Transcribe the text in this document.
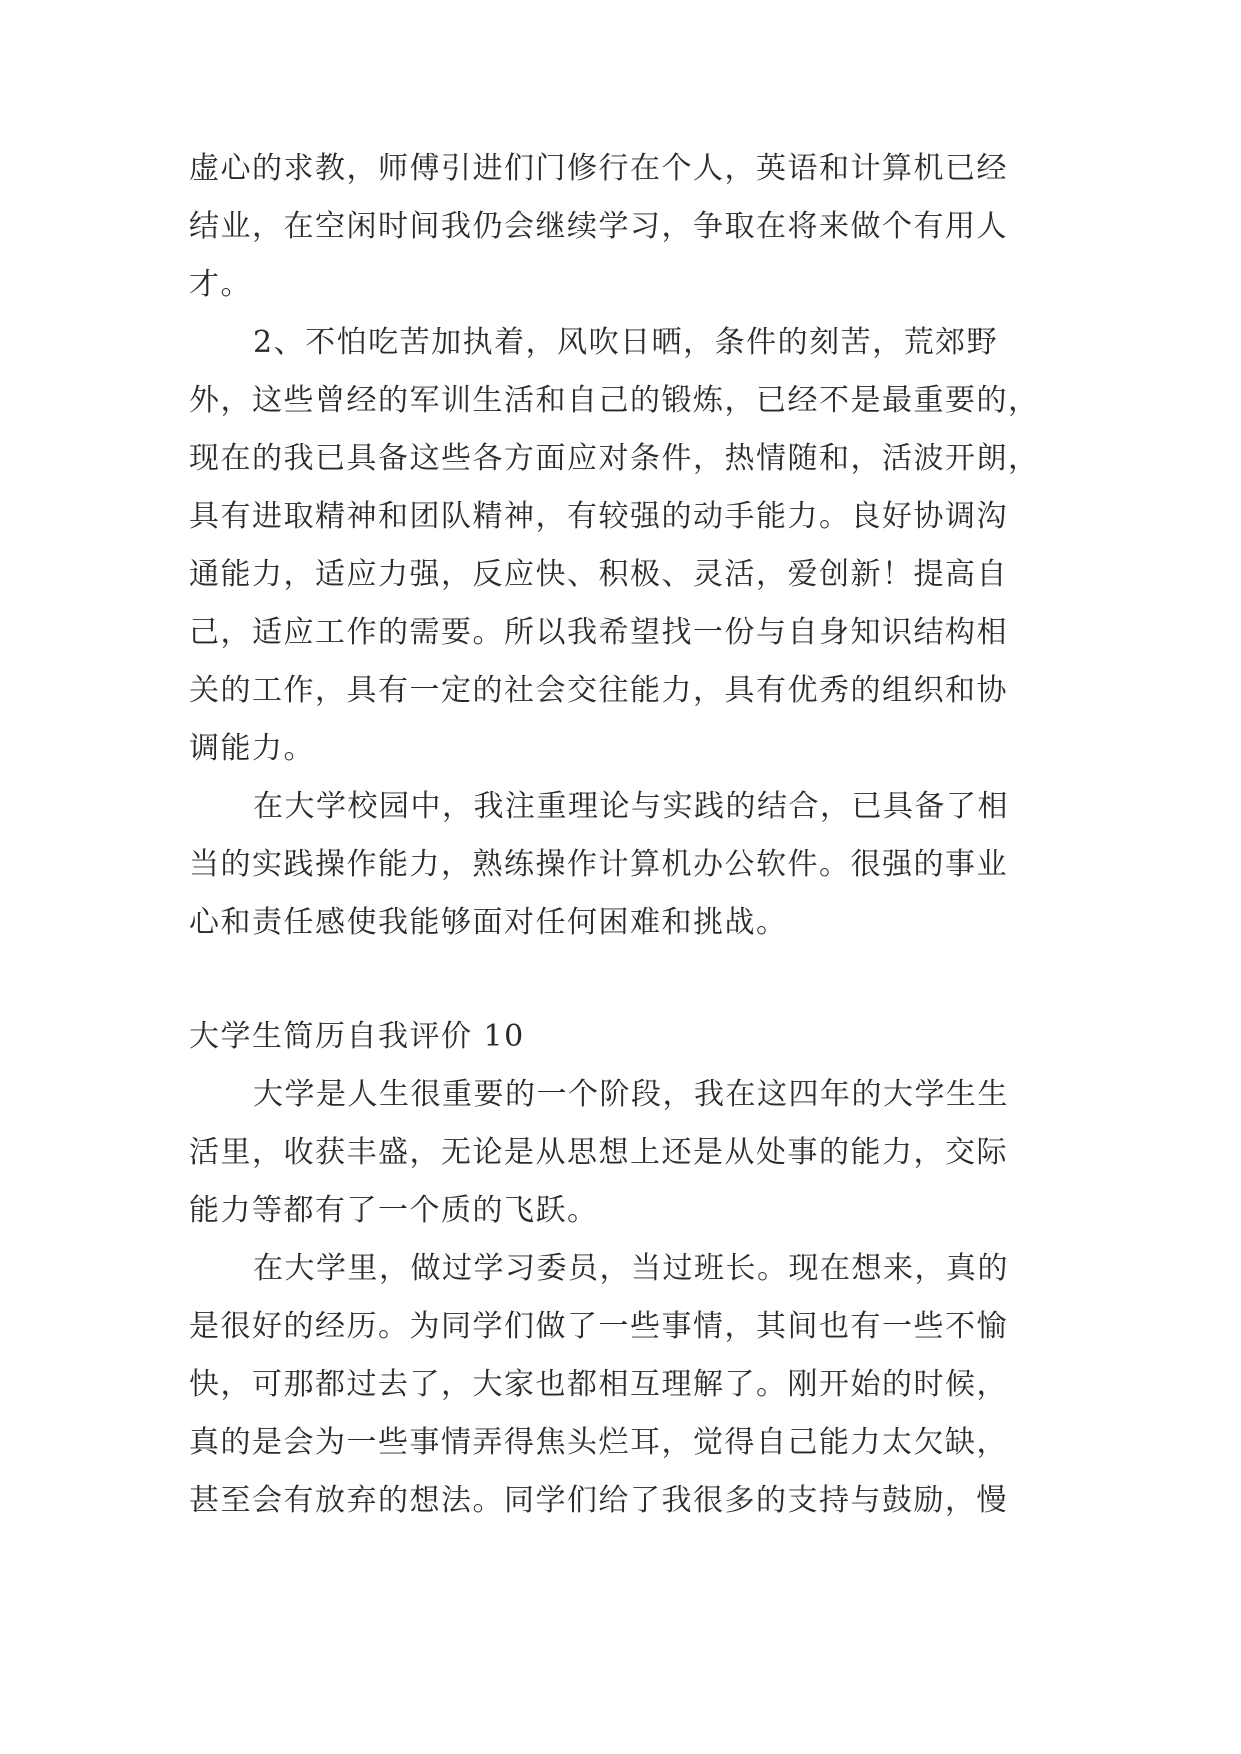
虚心的求教，师傅引进们门修行在个人，英语和计算机已经
结业，在空闲时间我仍会继续学习，争取在将来做个有用人
才。
2、不怕吃苦加执着，风吹日晒，条件的刻苦，荒郊野
外，这些曾经的军训生活和自己的锻炼，已经不是最重要的，
现在的我已具备这些各方面应对条件，热情随和，活波开朗，
具有进取精神和团队精神，有较强的动手能力。良好协调沟
通能力，适应力强，反应快、积极、灵活，爱创新！提高自
己，适应工作的需要。所以我希望找一份与自身知识结构相
关的工作，具有一定的社会交往能力，具有优秀的组织和协
调能力。
在大学校园中，我注重理论与实践的结合，已具备了相
当的实践操作能力，熟练操作计算机办公软件。很强的事业
心和责任感使我能够面对任何困难和挑战。
大学生简历自我评价 10
大学是人生很重要的一个阶段，我在这四年的大学生生
活里，收获丰盛，无论是从思想上还是从处事的能力，交际
能力等都有了一个质的飞跃。
在大学里，做过学习委员，当过班长。现在想来，真的
是很好的经历。为同学们做了一些事情，其间也有一些不愉
快，可那都过去了，大家也都相互理解了。刚开始的时候，
真的是会为一些事情弄得焦头烂耳，觉得自己能力太欠缺，
甚至会有放弃的想法。同学们给了我很多的支持与鼓励，慢
